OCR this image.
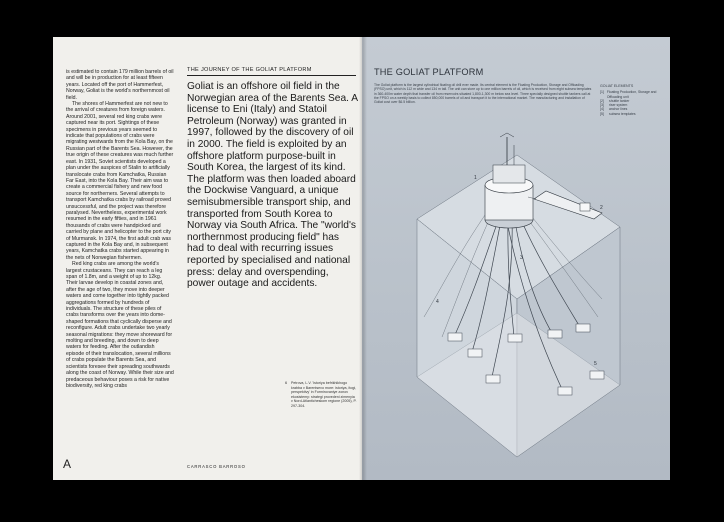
is estimated to contain 179 million barrels of oil and will be in production for at least fifteen years. Located off the port of Hammerfest, Norway, Goliat is the world's northernmost oil field.

The shores of Hammerfest are not new to the arrival of creatures from foreign waters. Around 2001, several red king crabs were captured near its port. Sightings of these specimens in previous years seemed to indicate that populations of crabs were migrating westwards from the Kola Bay, on the Russian part of the Barents Sea. However, the true origin of these creatures was much further east. In 1931, Soviet scientists developed a plan under the auspices of Stalin to artificially translocate crabs from Kamchatka, Russian Far East, into the Kola Bay. Their aim was to create a commercial fishery and new food source for northerners. Several attempts to transport Kamchatka crabs by railroad proved unsuccessful, and the project was therefore paralysed. Nevertheless, experimental work resumed in the early fifties, and in 1961 thousands of crabs were handpicked and carried by plane and helicopter to the port city of Murmansk. In 1974, the first adult crab was captured in the Kola Bay and, in subsequent years, Kamchatka crabs started appearing in the nets of Norwegian fishermen.

Red king crabs are among the world's largest crustaceans. They can reach a leg span of 1.8m, and a weight of up to 12kg. Their larvae develop in coastal zones and, after the age of two, they move into deeper waters and come together into tightly packed aggregations formed by hundreds of individuals. The structure of these piles of crabs transforms over the years into dome-shaped formations that cyclically disperse and reconfigure. Adult crabs undertake two yearly seasonal migrations: they move shoreward for molting and breeding, and down to deep waters for feeding. After the outlandish episode of their translocation, several millions of crabs populate the Barents Sea, and scientists foresee their spreading southwards along the coast of Norway. While their size and predaceous behaviour poses a risk for native biodiversity, red king crabs

THE JOURNEY OF THE GOLIAT PLATFORM
Goliat is an offshore oil field in the Norwegian area of the Barents Sea. A license to Eni (Italy) and Statoil Petroleum (Norway) was granted in 1997, followed by the discovery of oil in 2000. The field is exploited by an offshore platform purpose-built in South Korea, the largest of its kind. The platform was then loaded aboard the Dockwise Vanguard, a unique semisubmersible transport ship, and transported from South Korea to Norway via South Africa. The "world's northernmost producing field" has had to deal with recurring issues reported by specialised and national press: delay and overspending, power outage and accidents.
6 Petrova, L.V. 'Istoriya befrikhikhogo krabba v Barentsevo more: istoriya, itogi, perspektivy' in Formirovaniye zonov ekosistemy: strategi provedeni zimenyia v Nord-Atlanticheskom regione (2005), P. 297-304.
A	CARRASCO BARROSO
THE GOLIAT PLATFORM
The Goliat platform is the largest cylindrical floating oil drill ever made. Its central element is the Floating Production, Storage and Offloading (FPSO) unit, which is 112 m wide and 134 m tall. The unit can store up to one million barrels of oil, which is received from eight subsea templates in 360-400m water depth that transfer oil from reservoirs situated 1,800-1,300 m below sea level. Three specially designed shuttle tankers call at the FPSO on a weekly basis to collect 850,000 barrels of oil and transport it to the international market. The manufacturing and installation of Goliat cost over $6.5 billion.
GOLIAT ELEMENTS
[1] Floating Production, Storage and Offloading unit
[2]	shuttle tanker
[3]	riser system
[4]	anchor lines
[5]	subsea templates
1
2
3
4
5
